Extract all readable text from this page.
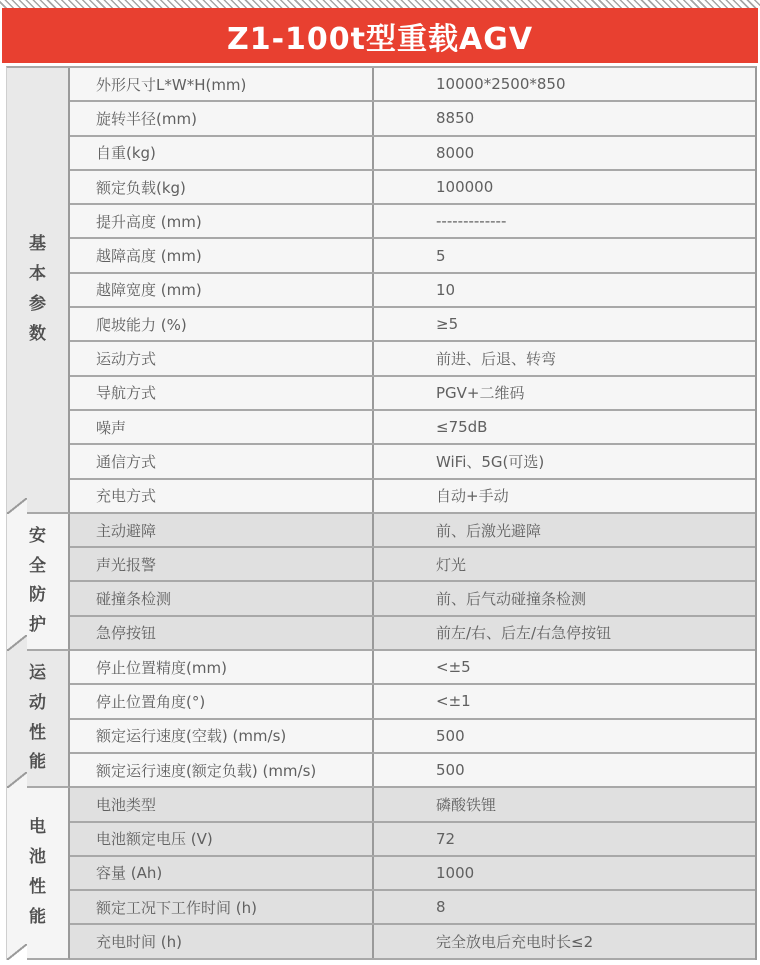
Z1-100t型重载AGV
基本参数
外形尺寸L*W*H(mm)	10000*2500*850
旋转半径(mm)	8850
自重(kg)	8000
额定负载(kg)	100000
提升高度 (mm)	-------------
越障高度 (mm)	5
越障宽度 (mm)	10
爬坡能力 (%)	≥5
运动方式	前进、后退、转弯
导航方式	PGV+二维码
噪声	≤75dB
通信方式	WiFi、5G(可选)
充电方式	自动+手动
安全防护
主动避障	前、后激光避障
声光报警	灯光
碰撞条检测	前、后气动碰撞条检测
急停按钮	前左/右、后左/右急停按钮
运动性能
停止位置精度(mm)	<±5
停止位置角度(°)	<±1
额定运行速度(空载) (mm/s)	500
额定运行速度(额定负载) (mm/s)	500
电池性能
电池类型	磷酸铁锂
电池额定电压 (V)	72
容量 (Ah)	1000
额定工况下工作时间 (h)	8
充电时间 (h)	完全放电后充电时长≤2
